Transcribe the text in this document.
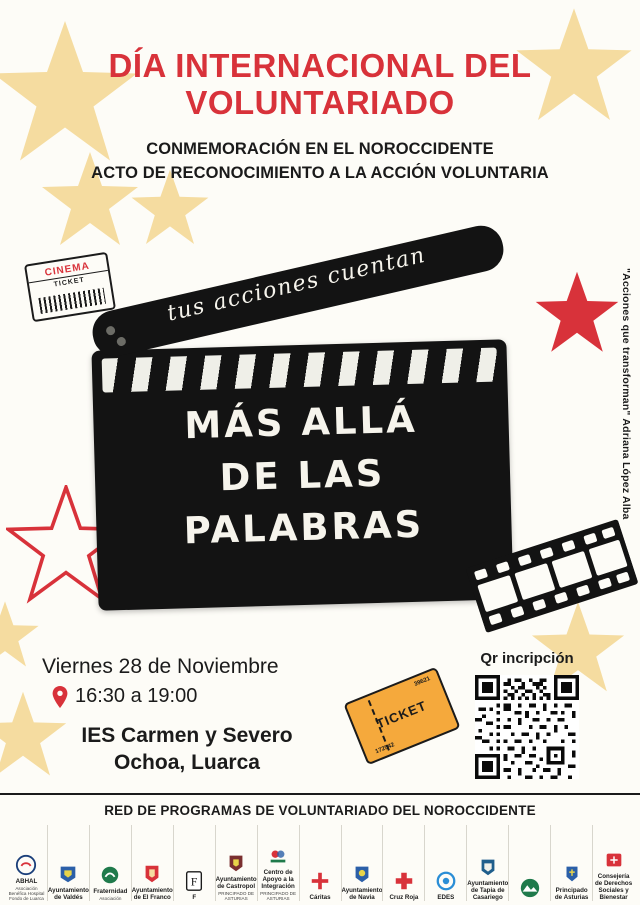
DÍA INTERNACIONAL DEL
VOLUNTARIADO
CONMEMORACIÓN EN EL NOROCCIDENTE
ACTO DE RECONOCIMIENTO A LA ACCIÓN VOLUNTARIA
CINEMA
TICKET
MÁS ALLÁ
DE LAS
PALABRAS
tus acciones cuentan	"Acciones que transforman" Adriana López Alba
39621
TICKET
172542
Viernes 28 de Noviembre
16:30 a 19:00
IES Carmen y Severo
Ochoa, Luarca
Qr incripción
RED DE PROGRAMAS DE VOLUNTARIADO DEL NOROCCIDENTE
ABHAL
Asociación Benéfica Hospital Fondo de Luarca
Ayuntamiento de Valdés
Fraternidad
Asociación
Ayuntamiento de El Franco
F
F
Ayuntamiento de Castropol
PRINCIPADO DE ASTURIAS
Centro de Apoyo a la Integración
PRINCIPADO DE ASTURIAS	Cáritas
Ayuntamiento de Navia	Cruz Roja	EDES
Ayuntamiento de Tapia de Casariego
Principado de Asturias
Consejería de Derechos Sociales y Bienestar
